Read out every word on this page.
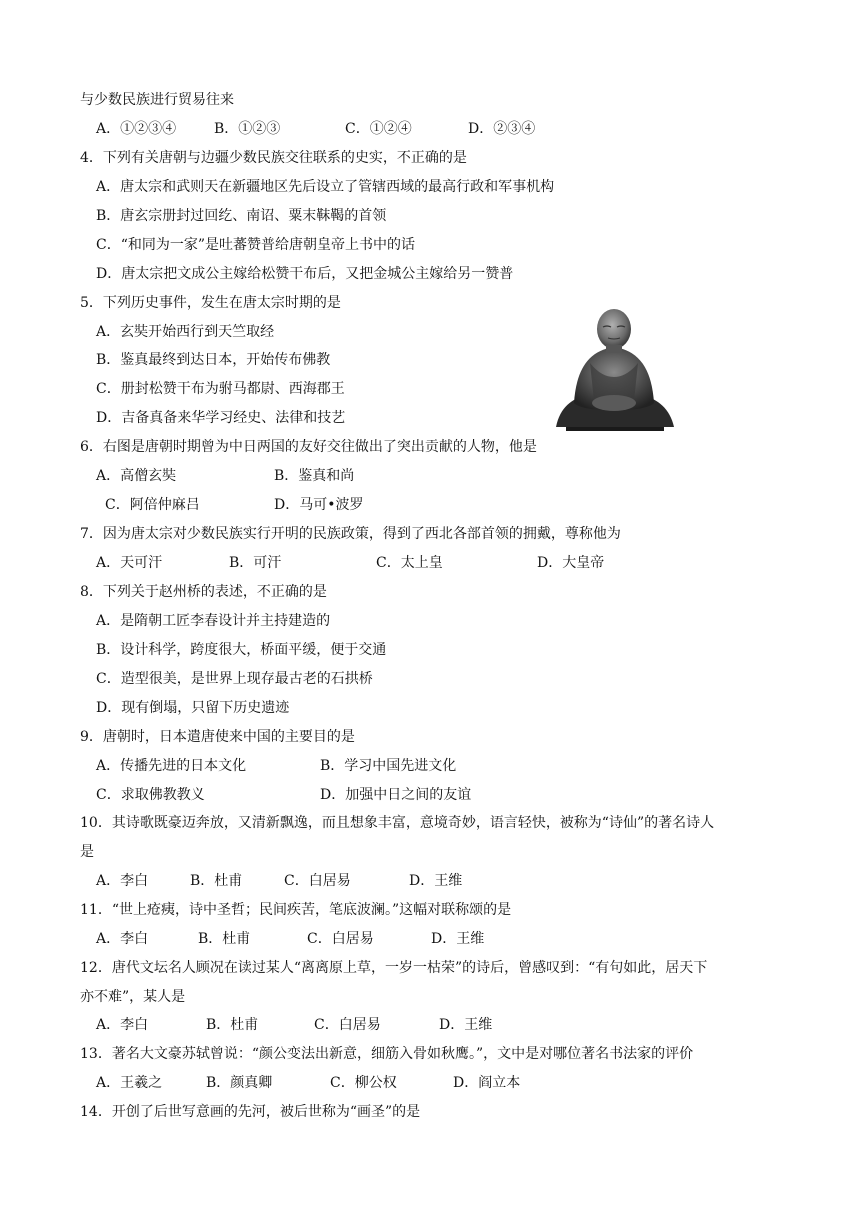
与少数民族进行贸易往来
A．①②③④	B．①②③	C．①②④	D．②③④
4．下列有关唐朝与边疆少数民族交往联系的史实，不正确的是
A．唐太宗和武则天在新疆地区先后设立了管辖西域的最高行政和军事机构
B．唐玄宗册封过回纥、南诏、粟末靺鞨的首领
C．“和同为一家”是吐蕃赞普给唐朝皇帝上书中的话
D．唐太宗把文成公主嫁给松赞干布后，又把金城公主嫁给另一赞普
5．下列历史事件，发生在唐太宗时期的是
A．玄奘开始西行到天竺取经
B．鉴真最终到达日本，开始传布佛教
C．册封松赞干布为驸马都尉、西海郡王
D．吉备真备来华学习经史、法律和技艺
6．右图是唐朝时期曾为中日两国的友好交往做出了突出贡献的人物，他是
A．高僧玄奘	B．鉴真和尚
C．阿倍仲麻吕	D．马可•波罗
7．因为唐太宗对少数民族实行开明的民族政策，得到了西北各部首领的拥戴，尊称他为
A．天可汗	B．可汗	C．太上皇	D．大皇帝
8．下列关于赵州桥的表述，不正确的是
A．是隋朝工匠李春设计并主持建造的
B．设计科学，跨度很大，桥面平缓，便于交通
C．造型很美，是世界上现存最古老的石拱桥
D．现有倒塌，只留下历史遗迹
9．唐朝时，日本遣唐使来中国的主要目的是
A．传播先进的日本文化	B．学习中国先进文化
C．求取佛教教义	D．加强中日之间的友谊
10．其诗歌既豪迈奔放，又清新飘逸，而且想象丰富，意境奇妙，语言轻快，被称为“诗仙”的著名诗人
是
A．李白	B．杜甫	C．白居易	D．王维
11．“世上疮痍，诗中圣哲；民间疾苦，笔底波澜。”这幅对联称颂的是
A．李白	B．杜甫	C．白居易	D．王维
12．唐代文坛名人顾况在读过某人“离离原上草，一岁一枯荣”的诗后，曾感叹到：“有句如此，居天下
亦不难”，某人是
A．李白	B．杜甫	C．白居易	D．王维
13．著名大文豪苏轼曾说：“颜公变法出新意，细筋入骨如秋鹰。”，文中是对哪位著名书法家的评价
A．王羲之	B．颜真卿	C．柳公权	D．阎立本
14．开创了后世写意画的先河，被后世称为“画圣”的是
